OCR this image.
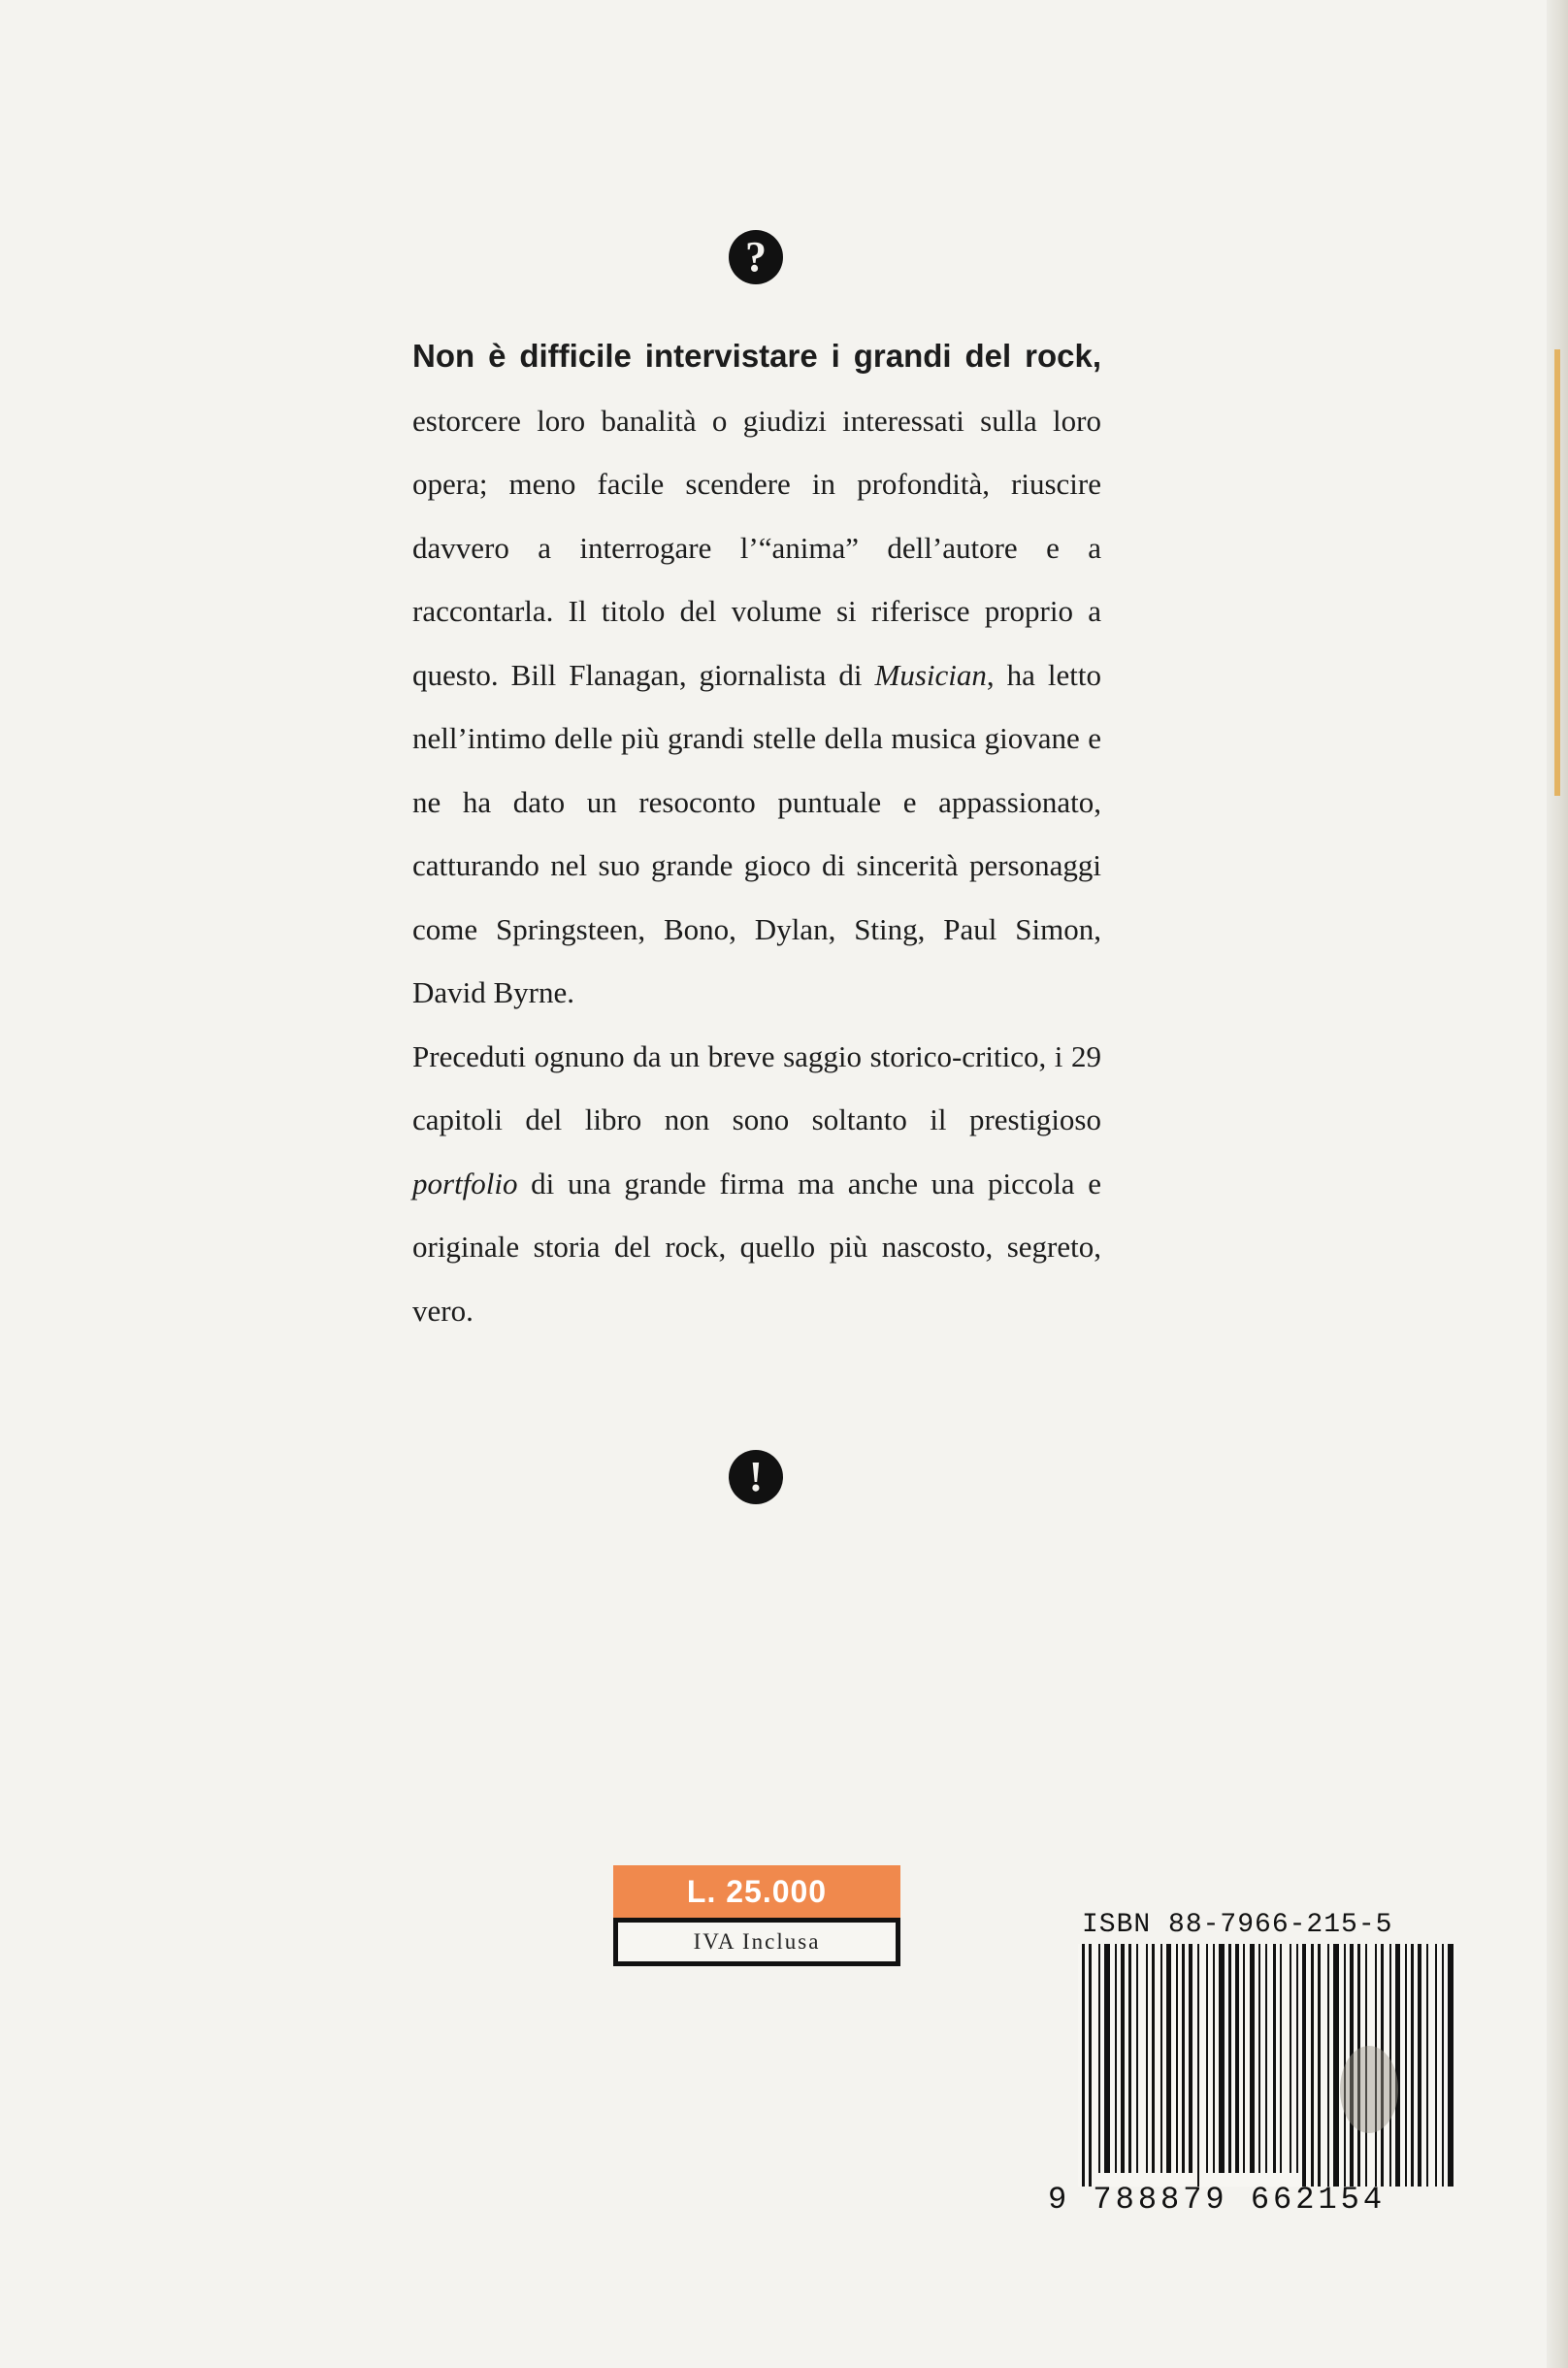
?

Non è difficile intervistare i grandi del rock, estorcere loro banalità o giudizi interessati sulla loro opera; meno facile scendere in profondità, riuscire davvero a interrogare l’“anima” dell’autore e a raccontarla. Il titolo del volume si riferisce proprio a questo. Bill Flanagan, giornalista di Musician, ha letto nell’intimo delle più grandi stelle della musica giovane e ne ha dato un resoconto puntuale e appassionato, catturando nel suo grande gioco di sincerità personaggi come Springsteen, Bono, Dylan, Sting, Paul Simon, David Byrne.

Preceduti ognuno da un breve saggio storico-critico, i 29 capitoli del libro non sono soltanto il prestigioso portfolio di una grande firma ma anche una piccola e originale storia del rock, quello più nascosto, segreto, vero.

!
L. 25.000
IVA Inclusa
ISBN 88-7966-215-5
9 788879 662154
